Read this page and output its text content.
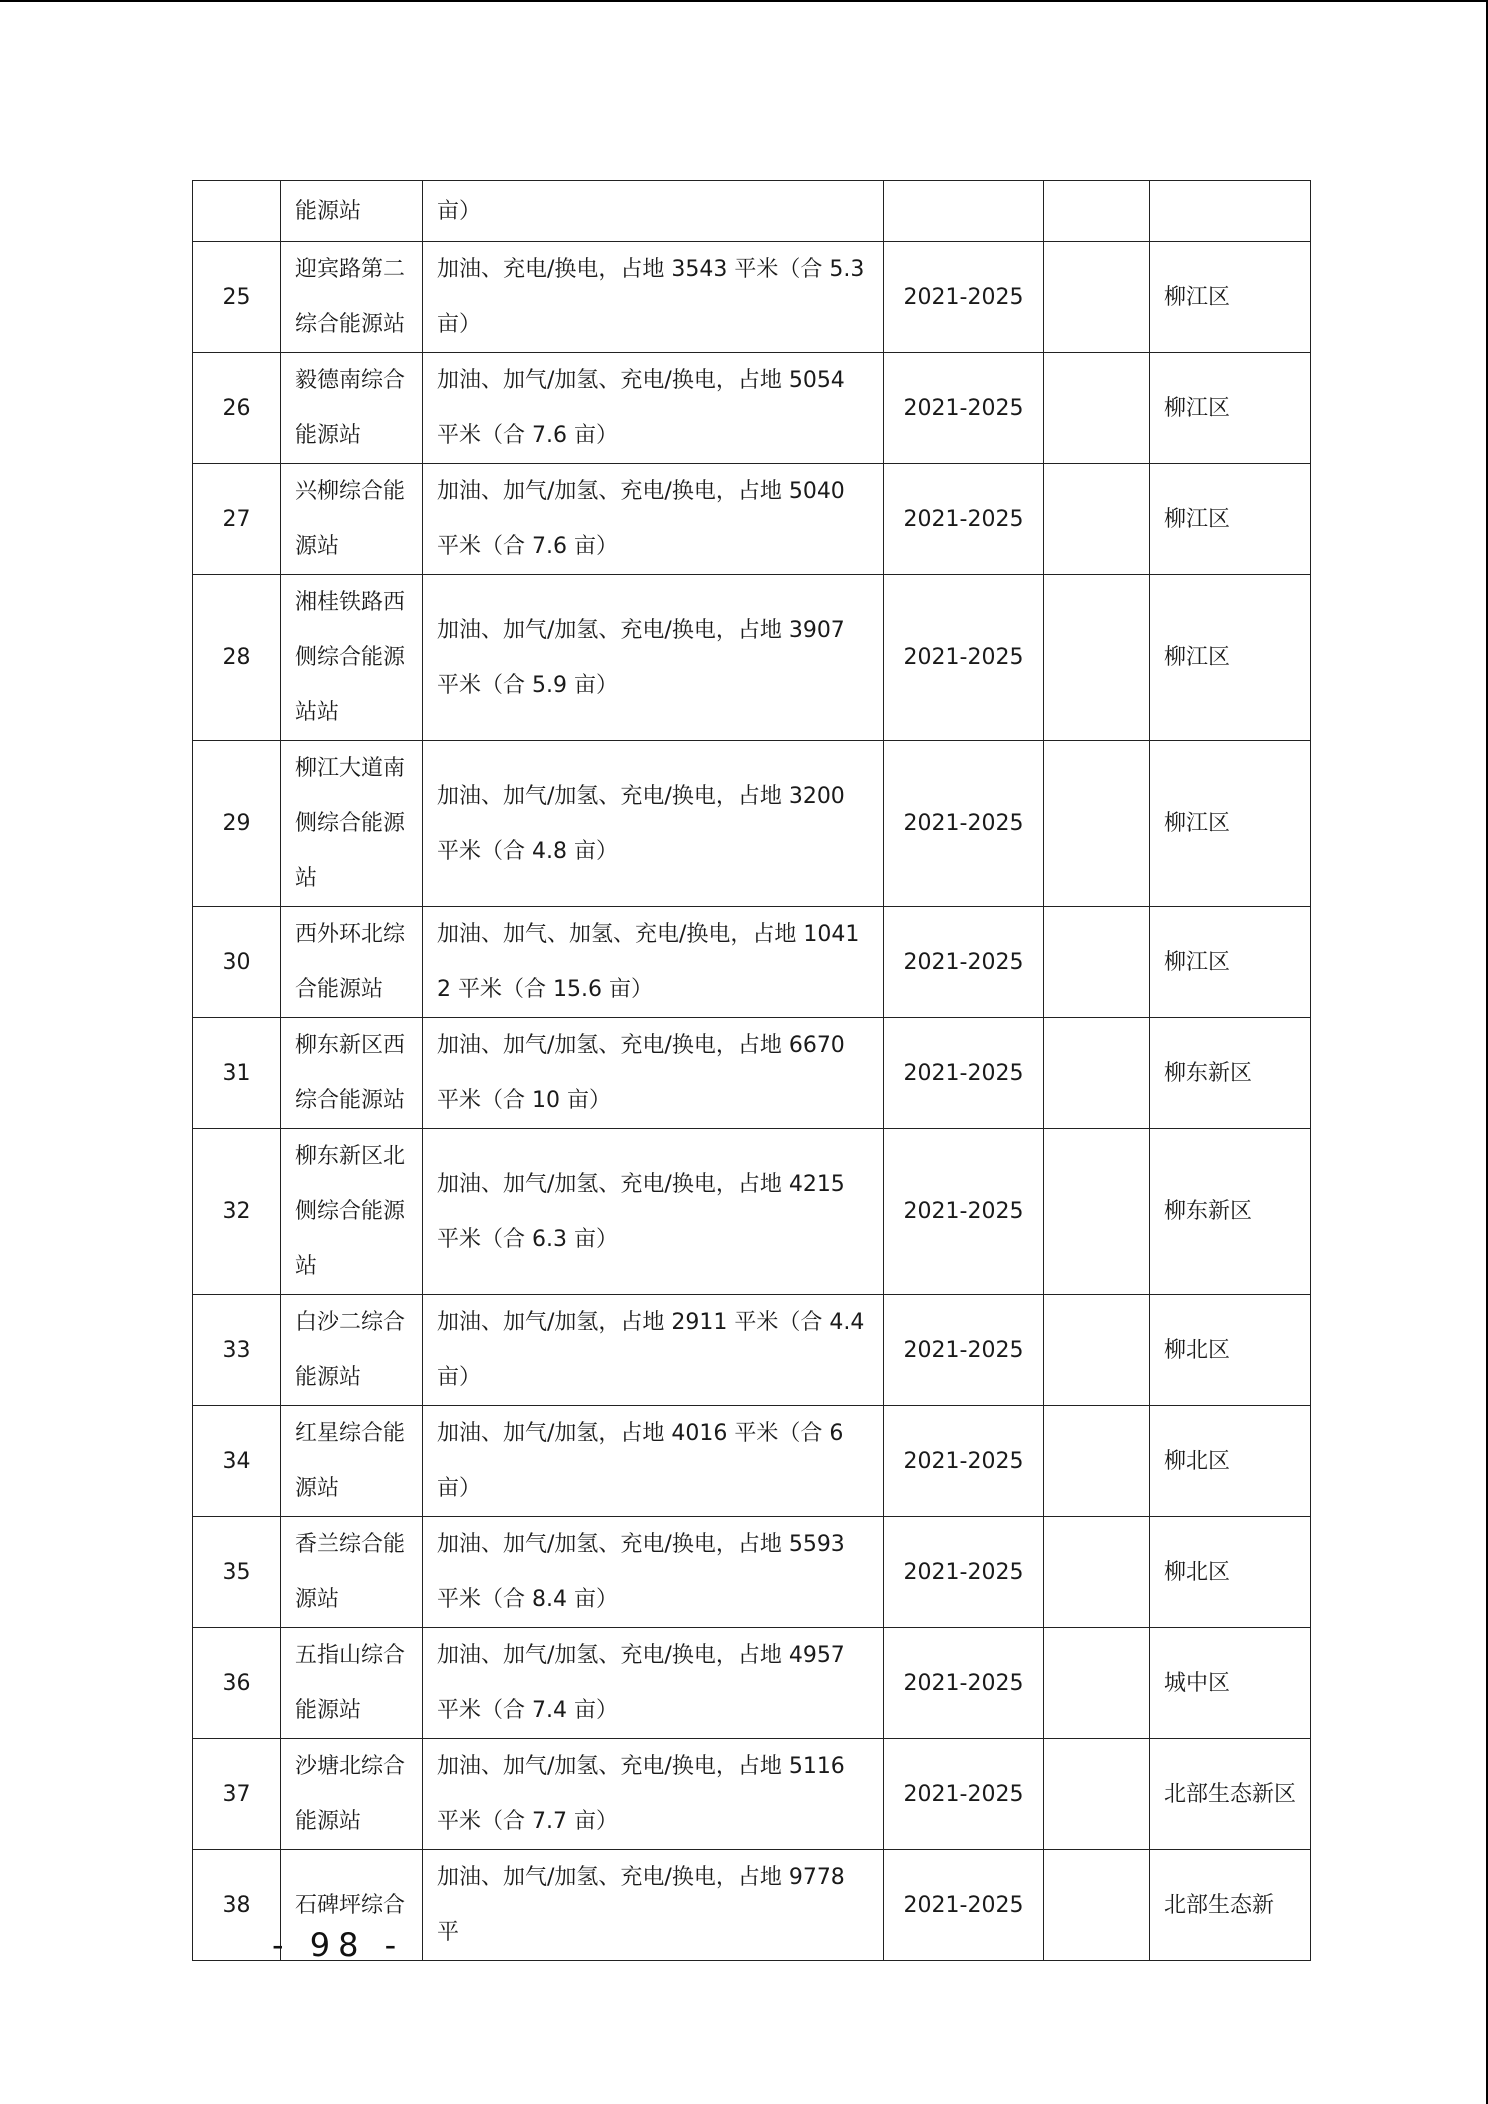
	能源站	亩）			
25	迎宾路第二综合能源站	加油、充电/换电，占地 3543 平米（合 5.3 亩）	2021-2025		柳江区
26	毅德南综合能源站	加油、加气/加氢、充电/换电，占地 5054 平米（合 7.6 亩）	2021-2025		柳江区
27	兴柳综合能源站	加油、加气/加氢、充电/换电，占地 5040 平米（合 7.6 亩）	2021-2025		柳江区
28	湘桂铁路西侧综合能源站站	加油、加气/加氢、充电/换电，占地 3907 平米（合 5.9 亩）	2021-2025		柳江区
29	柳江大道南侧综合能源站	加油、加气/加氢、充电/换电，占地 3200 平米（合 4.8 亩）	2021-2025		柳江区
30	西外环北综合能源站	加油、加气、加氢、充电/换电，占地 10412 平米（合 15.6 亩）	2021-2025		柳江区
31	柳东新区西综合能源站	加油、加气/加氢、充电/换电，占地 6670 平米（合 10 亩）	2021-2025		柳东新区
32	柳东新区北侧综合能源站	加油、加气/加氢、充电/换电，占地 4215 平米（合 6.3 亩）	2021-2025		柳东新区
33	白沙二综合能源站	加油、加气/加氢，占地 2911 平米（合 4.4 亩）	2021-2025		柳北区
34	红星综合能源站	加油、加气/加氢，占地 4016 平米（合 6 亩）	2021-2025		柳北区
35	香兰综合能源站	加油、加气/加氢、充电/换电，占地 5593 平米（合 8.4 亩）	2021-2025		柳北区
36	五指山综合能源站	加油、加气/加氢、充电/换电，占地 4957 平米（合 7.4 亩）	2021-2025		城中区
37	沙塘北综合能源站	加油、加气/加氢、充电/换电，占地 5116 平米（合 7.7 亩）	2021-2025		北部生态新区
38	石碑坪综合	加油、加气/加氢、充电/换电，占地 9778 平	2021-2025		北部生态新
- 98 -
